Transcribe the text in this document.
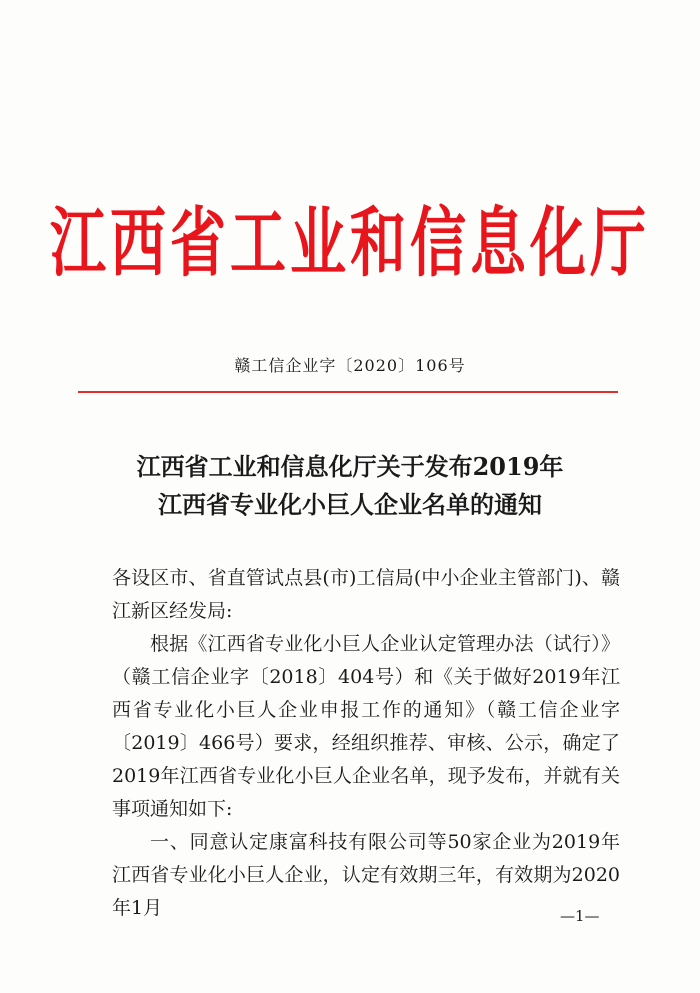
江西省工业和信息化厅
赣工信企业字〔2020〕106号
江西省工业和信息化厅关于发布2019年
江西省专业化小巨人企业名单的通知

各设区市、省直管试点县(市)工信局(中小企业主管部门)、赣江新区经发局:

根据《江西省专业化小巨人企业认定管理办法（试行）》（赣工信企业字〔2018〕404号）和《关于做好2019年江西省专业化小巨人企业申报工作的通知》（赣工信企业字〔2019〕466号）要求，经组织推荐、审核、公示，确定了2019年江西省专业化小巨人企业名单，现予发布，并就有关事项通知如下:

一、同意认定康富科技有限公司等50家企业为2019年江西省专业化小巨人企业，认定有效期三年，有效期为2020年1月	—1—
